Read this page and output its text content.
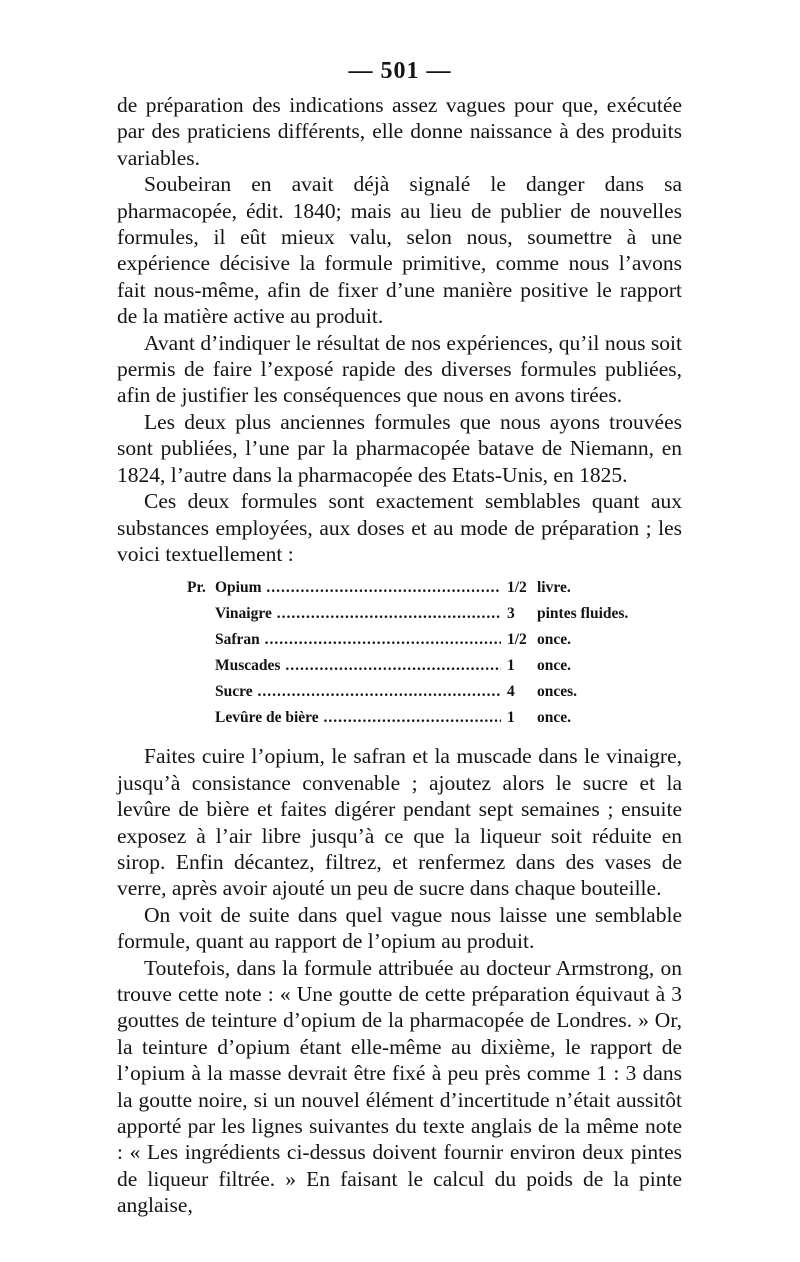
— 501 —

de préparation des indications assez vagues pour que, exécutée par des praticiens différents, elle donne naissance à des produits variables.

Soubeiran en avait déjà signalé le danger dans sa pharmacopée, édit. 1840; mais au lieu de publier de nouvelles formules, il eût mieux valu, selon nous, soumettre à une expérience décisive la formule primitive, comme nous l’avons fait nous-même, afin de fixer d’une manière positive le rapport de la matière active au produit.

Avant d’indiquer le résultat de nos expériences, qu’il nous soit permis de faire l’exposé rapide des diverses formules publiées, afin de justifier les conséquences que nous en avons tirées.

Les deux plus anciennes formules que nous ayons trouvées sont publiées, l’une par la pharmacopée batave de Niemann, en 1824, l’autre dans la pharmacopée des Etats-Unis, en 1825.

Ces deux formules sont exactement semblables quant aux substances employées, aux doses et au mode de préparation ; les voici textuellement :

Pr. Opium .....	1/2 livre.
Vinaigre .....	3	pintes fluides.
Safran .....	1/2 once.
Muscades .....	1	once.
Sucre .....	4	onces.
Levûre de bière .....	1	once.

Faites cuire l’opium, le safran et la muscade dans le vinaigre, jusqu’à consistance convenable ; ajoutez alors le sucre et la levûre de bière et faites digérer pendant sept semaines ; ensuite exposez à l’air libre jusqu’à ce que la liqueur soit réduite en sirop. Enfin décantez, filtrez, et renfermez dans des vases de verre, après avoir ajouté un peu de sucre dans chaque bouteille.

On voit de suite dans quel vague nous laisse une semblable formule, quant au rapport de l’opium au produit.

Toutefois, dans la formule attribuée au docteur Armstrong, on trouve cette note : « Une goutte de cette préparation équivaut à 3 gouttes de teinture d’opium de la pharmacopée de Londres. » Or, la teinture d’opium étant elle-même au dixième, le rapport de l’opium à la masse devrait être fixé à peu près comme 1 : 3 dans la goutte noire, si un nouvel élément d’incertitude n’était aussitôt apporté par les lignes suivantes du texte anglais de la même note : « Les ingrédients ci-dessus doivent fournir environ deux pintes de liqueur filtrée. » En faisant le calcul du poids de la pinte anglaise,
